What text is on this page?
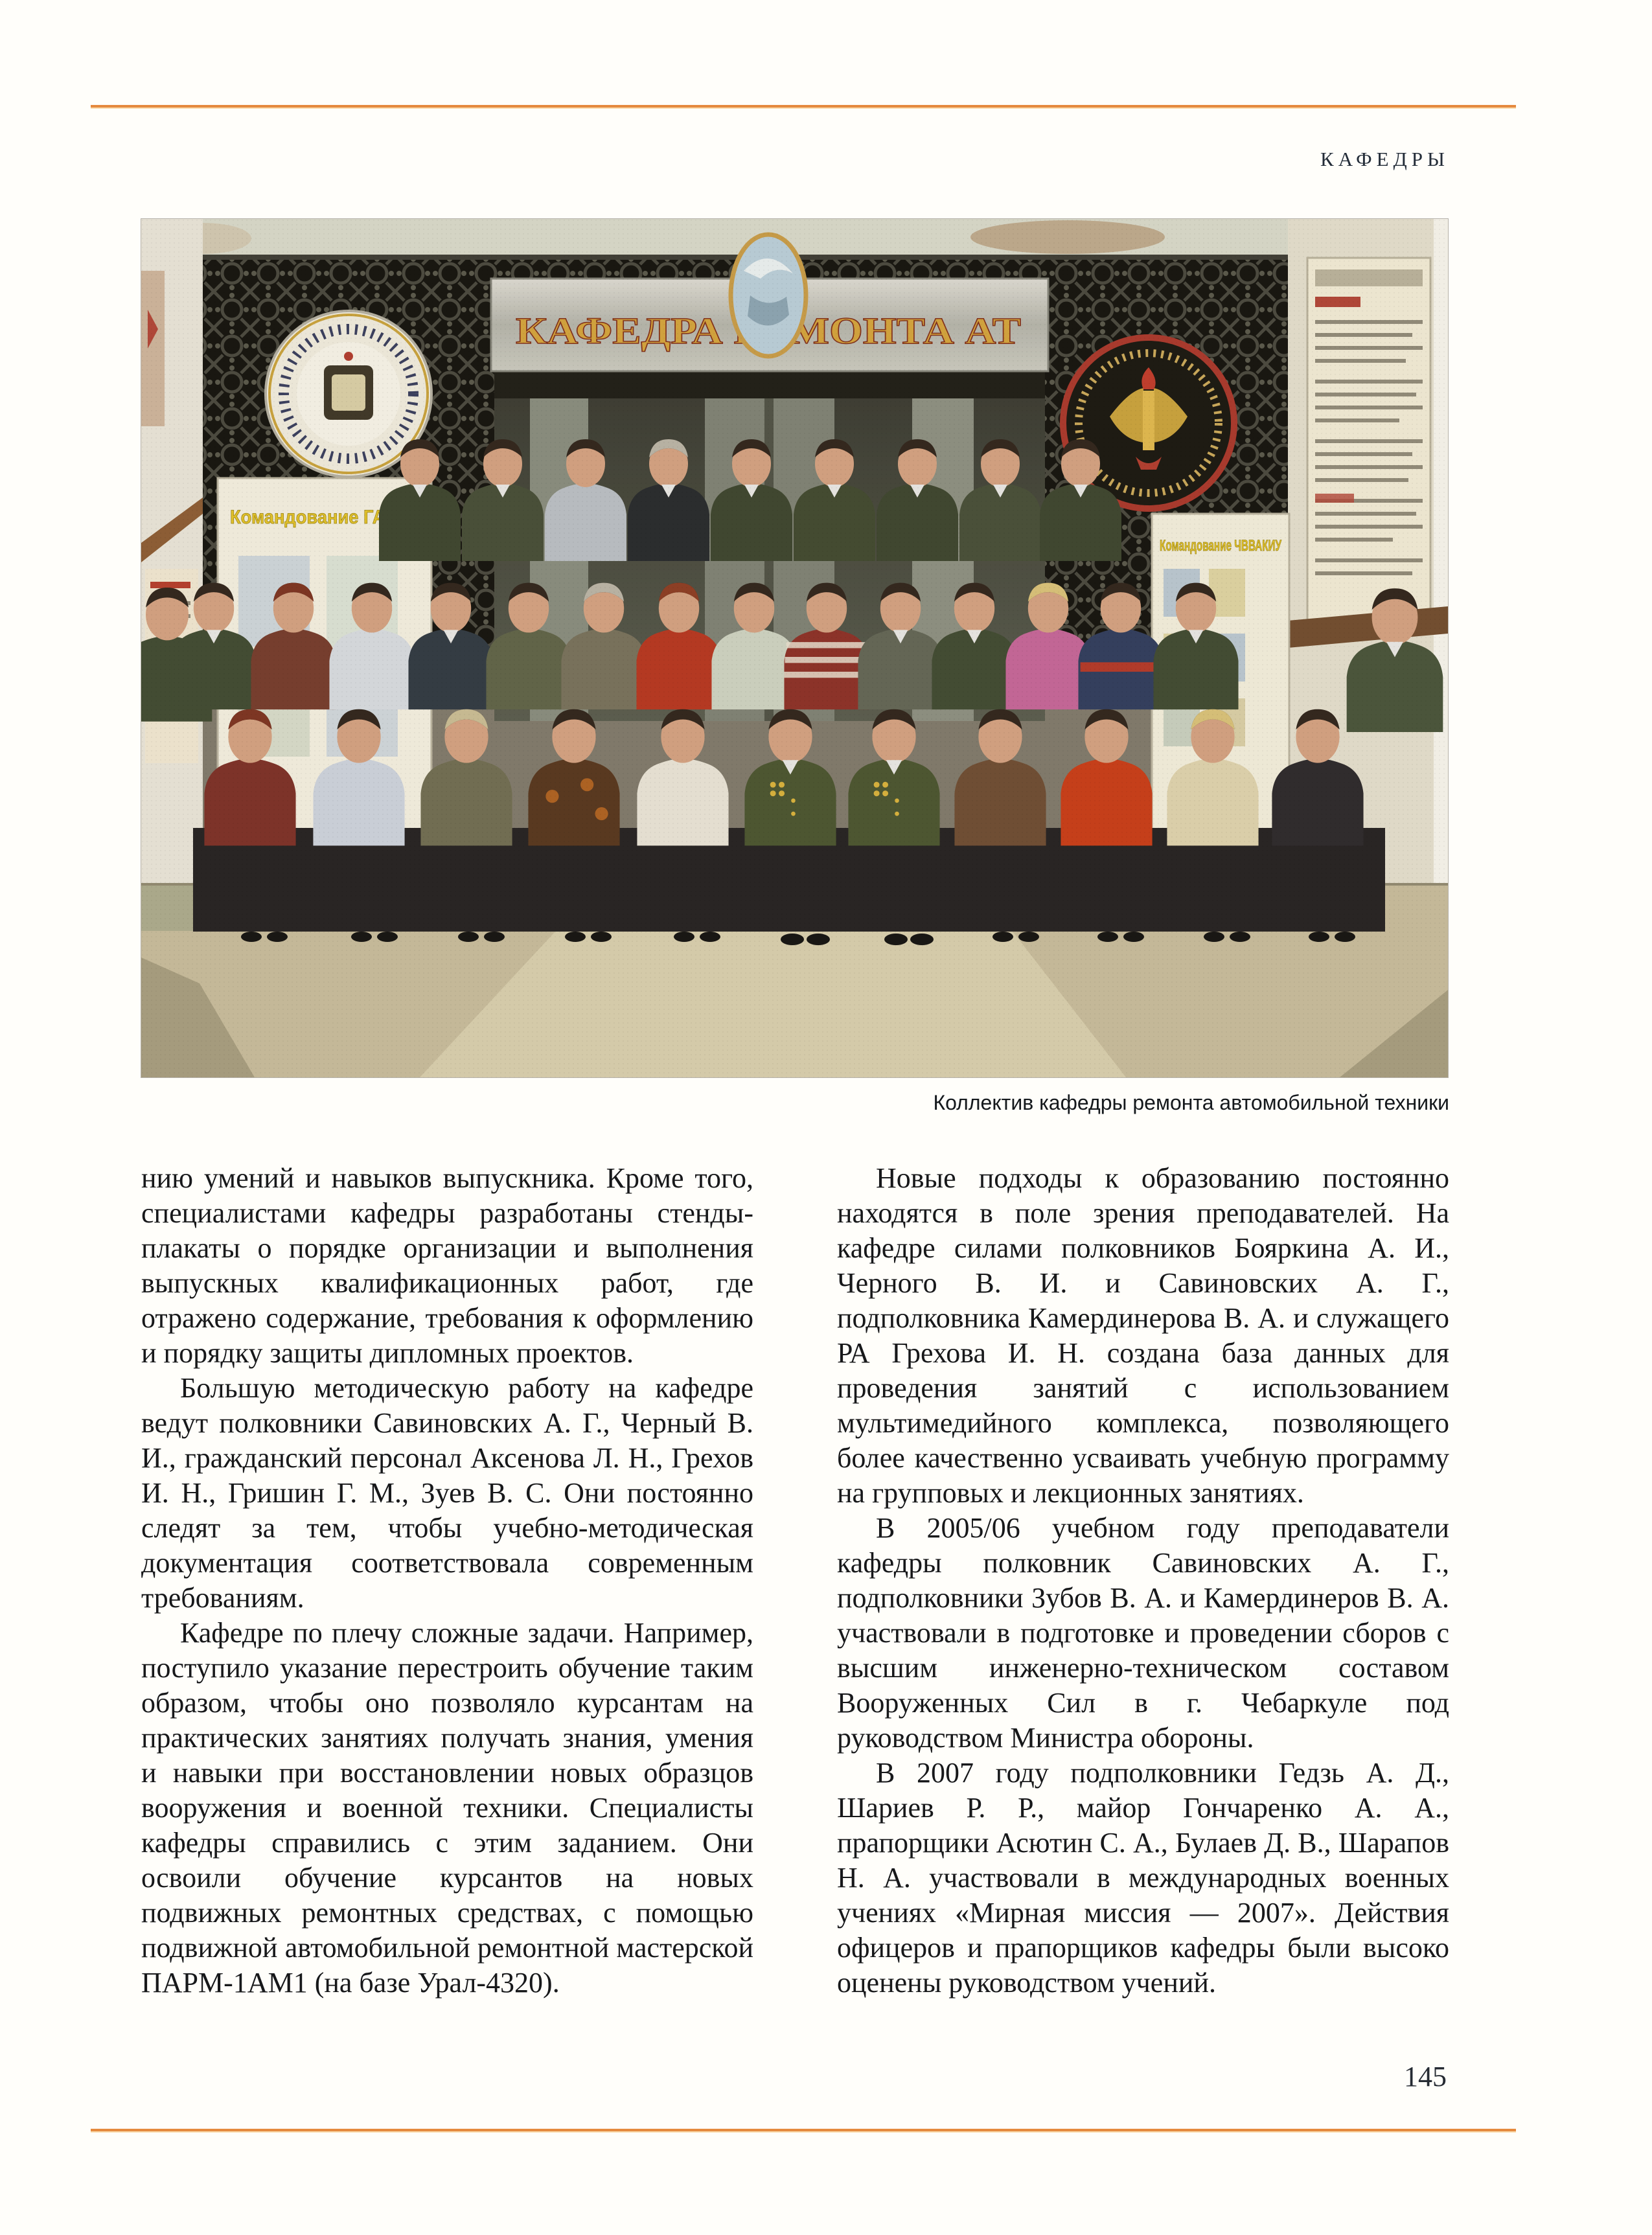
КАФЕДРЫ
Коллектив кафедры ремонта автомобильной техники

нию умений и навыков выпускника. Кроме того, специалистами кафедры разработаны стенды-плакаты о порядке организации и выполнения выпускных квалификационных работ, где отражено содержание, требования к оформлению и порядку защиты дипломных проектов.

Большую методическую работу на кафедре ведут полковники Савиновских А. Г., Черный В. И., гражданский персонал Аксенова Л. Н., Грехов И. Н., Гришин Г. М., Зуев В. С. Они постоянно следят за тем, чтобы учебно-методическая документация соответствовала современным требованиям.

Кафедре по плечу сложные задачи. Например, поступило указание перестроить обучение таким образом, чтобы оно позволяло курсантам на практических занятиях получать знания, умения и навыки при восстановлении новых образцов вооружения и военной техники. Специалисты кафедры справились с этим заданием. Они освоили обучение курсантов на новых подвижных ремонтных средствах, с помощью подвижной автомобильной ремонтной мастерской ПАРМ-1АМ1 (на базе Урал-4320).

Новые подходы к образованию постоянно находятся в поле зрения преподавателей. На кафедре силами полковников Бояркина А. И., Черного В. И. и Савиновских А. Г., подполковника Камердинерова В. А. и служащего РА Грехова И. Н. создана база данных для проведения занятий с использованием мультимедийного комплекса, позволяющего более качественно усваивать учебную программу на групповых и лекционных занятиях.

В 2005/06 учебном году преподаватели кафедры полковник Савиновских А. Г., подполковники Зубов В. А. и Камердинеров В. А. участвовали в подготовке и проведении сборов с высшим инженерно-техническом составом Вооруженных Сил в г. Чебаркуле под руководством Министра обороны.

В 2007 году подполковники Гедзь А. Д., Шариев Р. Р., майор Гончаренко А. А., прапорщики Асютин С. А., Булаев Д. В., Шарапов Н. А. участвовали в международных военных учениях «Мирная миссия — 2007». Действия офицеров и прапорщиков кафедры были высоко оценены руководством учений.

145
